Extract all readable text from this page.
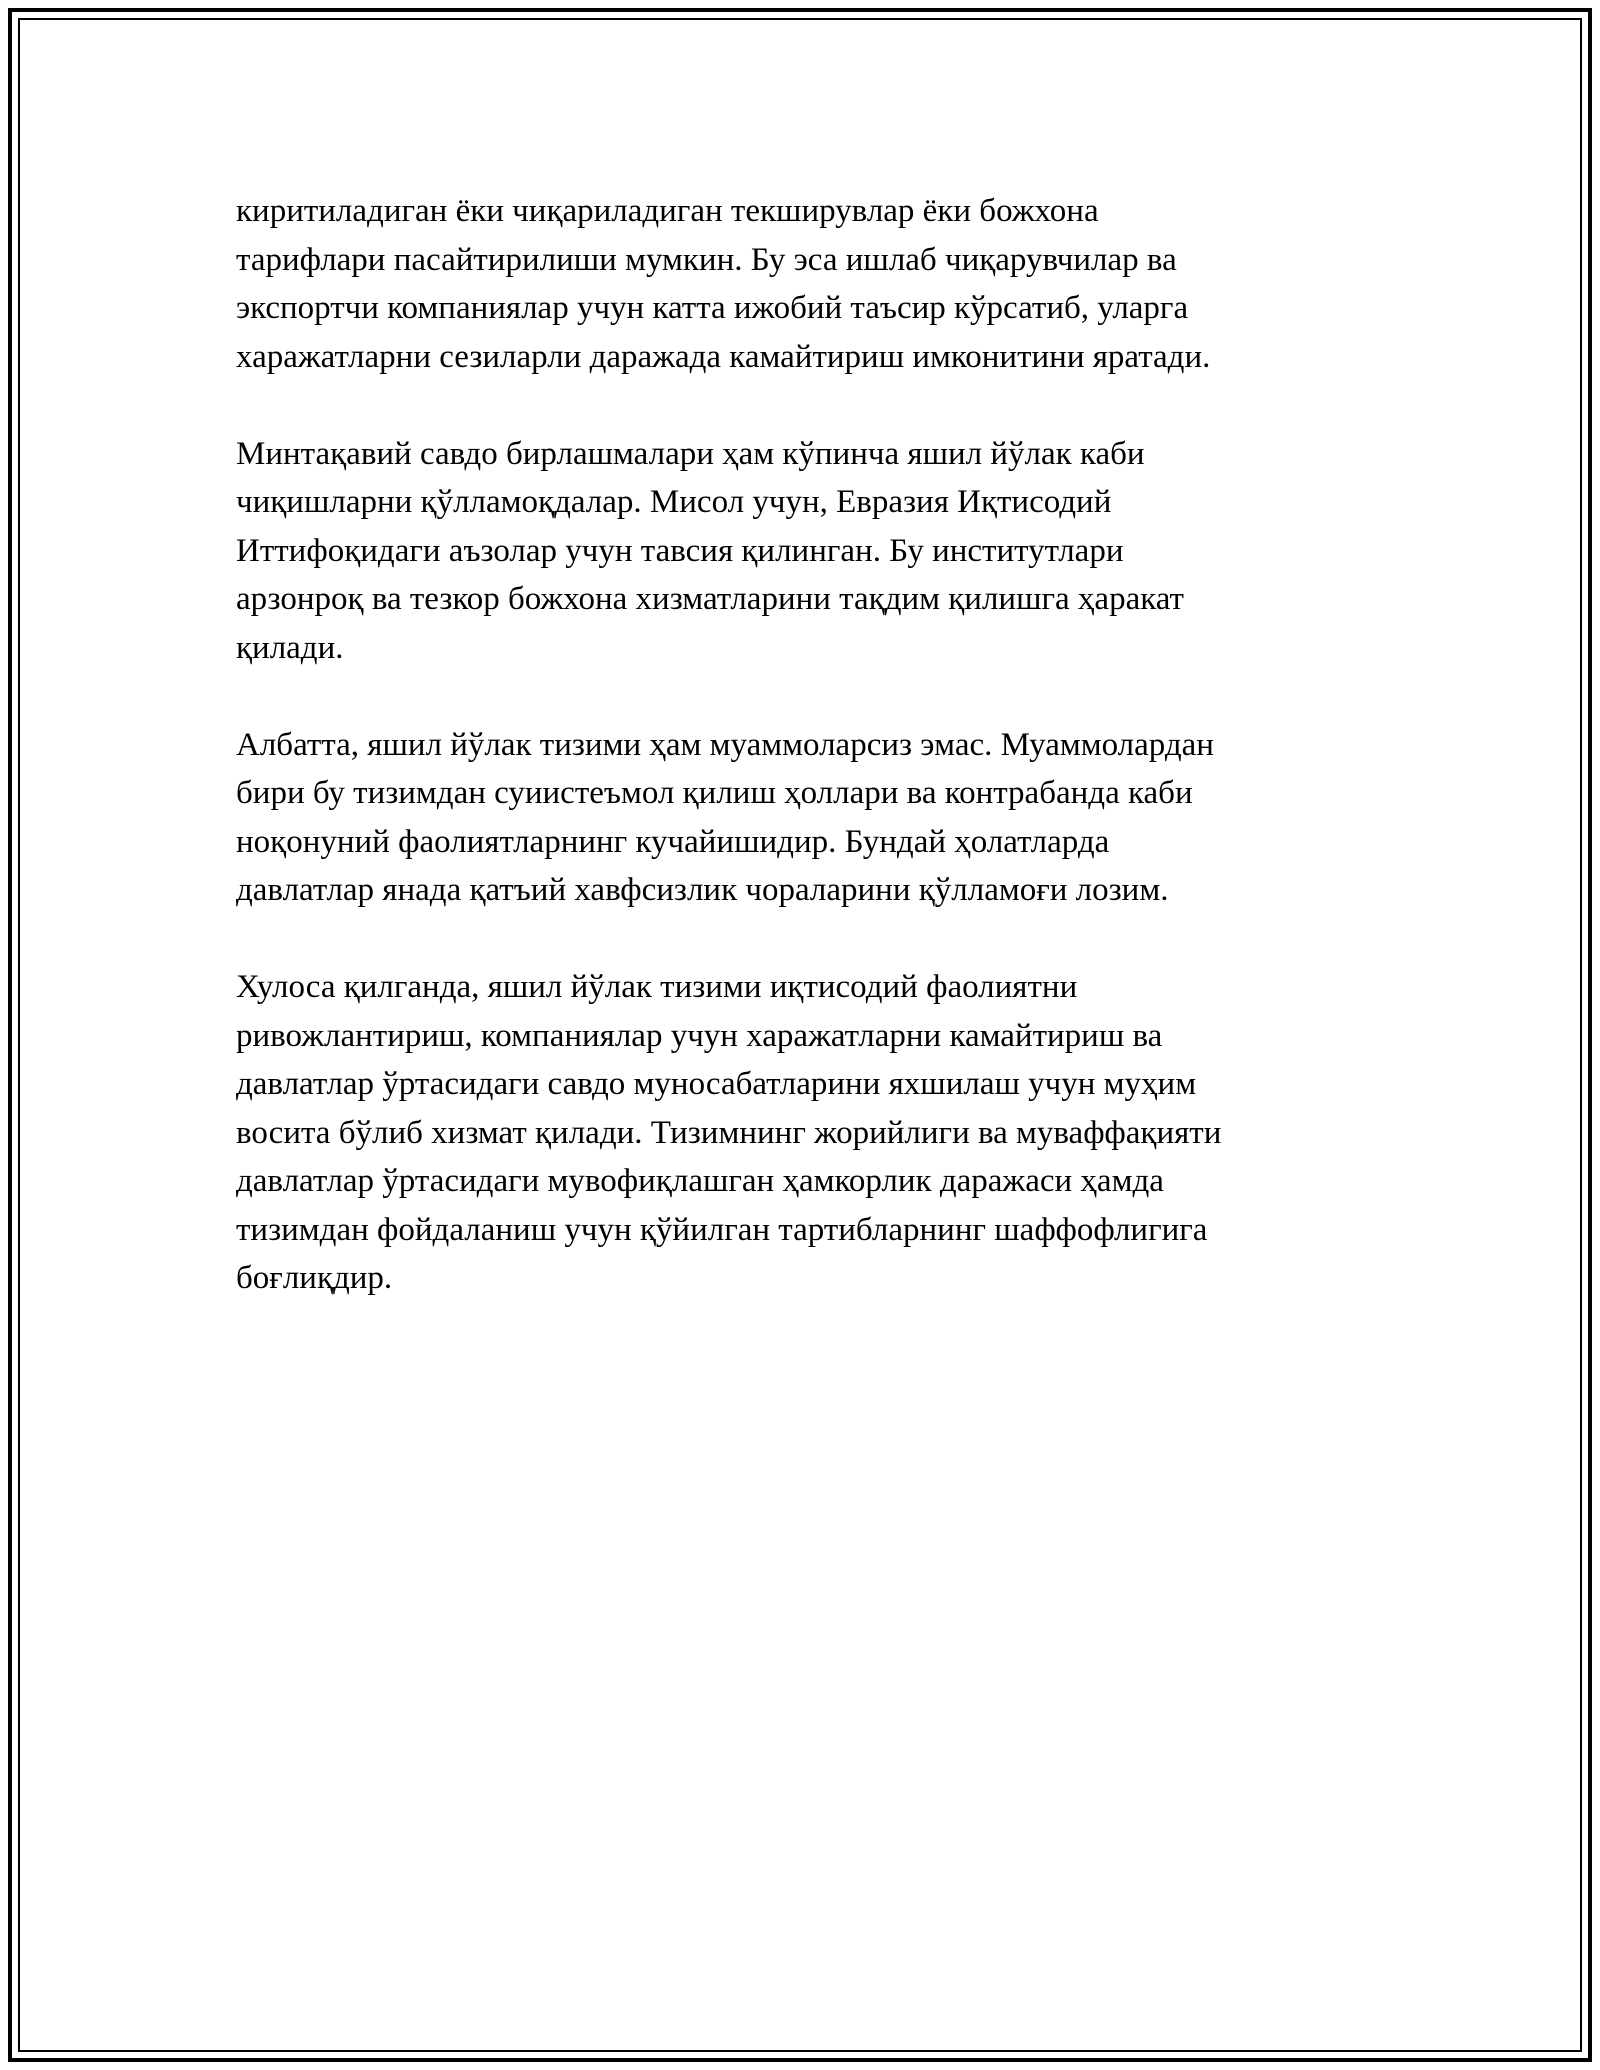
киритиладиган ёки чиқариладиган текширувлар ёки божхона
тарифлари пасайтирилиши мумкин. Бу эса ишлаб чиқарувчилар ва
экспортчи компаниялар учун катта ижобий таъсир кўрсатиб, уларга
харажатларни сезиларли даражада камайтириш имконитини яратади.

Минтақавий савдо бирлашмалари ҳам кўпинча яшил йўлак каби
чиқишларни қўлламоқдалар. Мисол учун, Евразия Иқтисодий
Иттифоқидаги аъзолар учун тавсия қилинган. Бу институтлари
арзонроқ ва тезкор божхона хизматларини тақдим қилишга ҳаракат
қилади.

Албатта, яшил йўлак тизими ҳам муаммоларсиз эмас. Муаммолардан
бири бу тизимдан суиистеъмол қилиш ҳоллари ва контрабанда каби
ноқонуний фаолиятларнинг кучайишидир. Бундай ҳолатларда
давлатлар янада қатъий хавфсизлик чораларини қўлламоғи лозим.

Хулоса қилганда, яшил йўлак тизими иқтисодий фаолиятни
ривожлантириш, компаниялар учун харажатларни камайтириш ва
давлатлар ўртасидаги савдо муносабатларини яхшилаш учун муҳим
восита бўлиб хизмат қилади. Тизимнинг жорийлиги ва муваффақияти
давлатлар ўртасидаги мувофиқлашган ҳамкорлик даражаси ҳамда
тизимдан фойдаланиш учун қўйилган тартибларнинг шаффофлигига
боғлиқдир.
